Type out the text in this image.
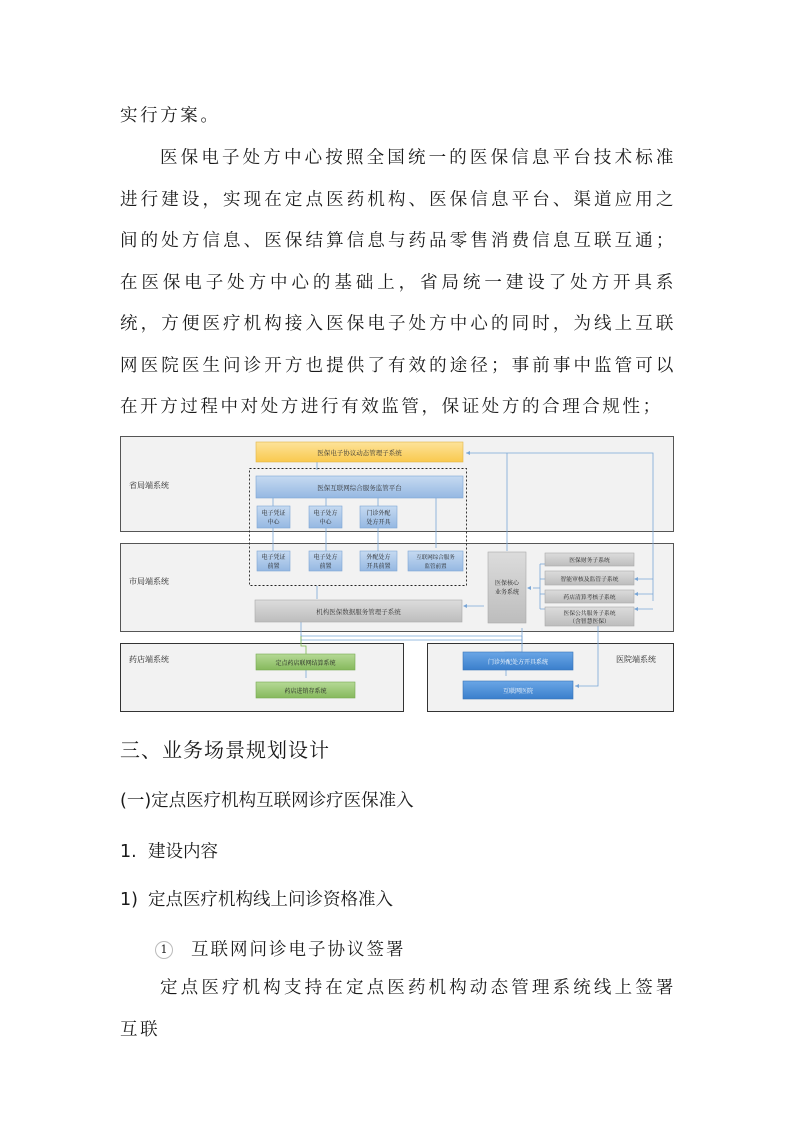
实行方案。

医保电子处方中心按照全国统一的医保信息平台技术标准进行建设，实现在定点医药机构、医保信息平台、渠道应用之间的处方信息、医保结算信息与药品零售消费信息互联互通；在医保电子处方中心的基础上，省局统一建设了处方开具系统，方便医疗机构接入医保电子处方中心的同时，为线上互联网医院医生问诊开方也提供了有效的途径；事前事中监管可以在开方过程中对处方进行有效监管，保证处方的合理合规性；

省局端系统
市局端系统
药店端系统	医院端系统
医保电子协议动态管理子系统
医保互联网综合服务监管平台
电子凭证
中心
电子处方
中心
门诊外配
处方开具
电子凭证
前置
电子处方
前置
外配处方
开具前置
互联网综合服务
监管前置
机构医保数据服务管理子系统
医保核心
业务系统
医保财务子系统
智能审核及监管子系统
药店清算考核子系统
医保公共服务子系统
（含智慧医保）
定点药店联网结算系统
药店进销存系统
门诊外配处方开具系统
互联网医院
三、业务场景规划设计
(一)定点医疗机构互联网诊疗医保准入
1. 建设内容
1) 定点医疗机构线上问诊资格准入

1 互联网问诊电子协议签署

定点医疗机构支持在定点医药机构动态管理系统线上签署互联
